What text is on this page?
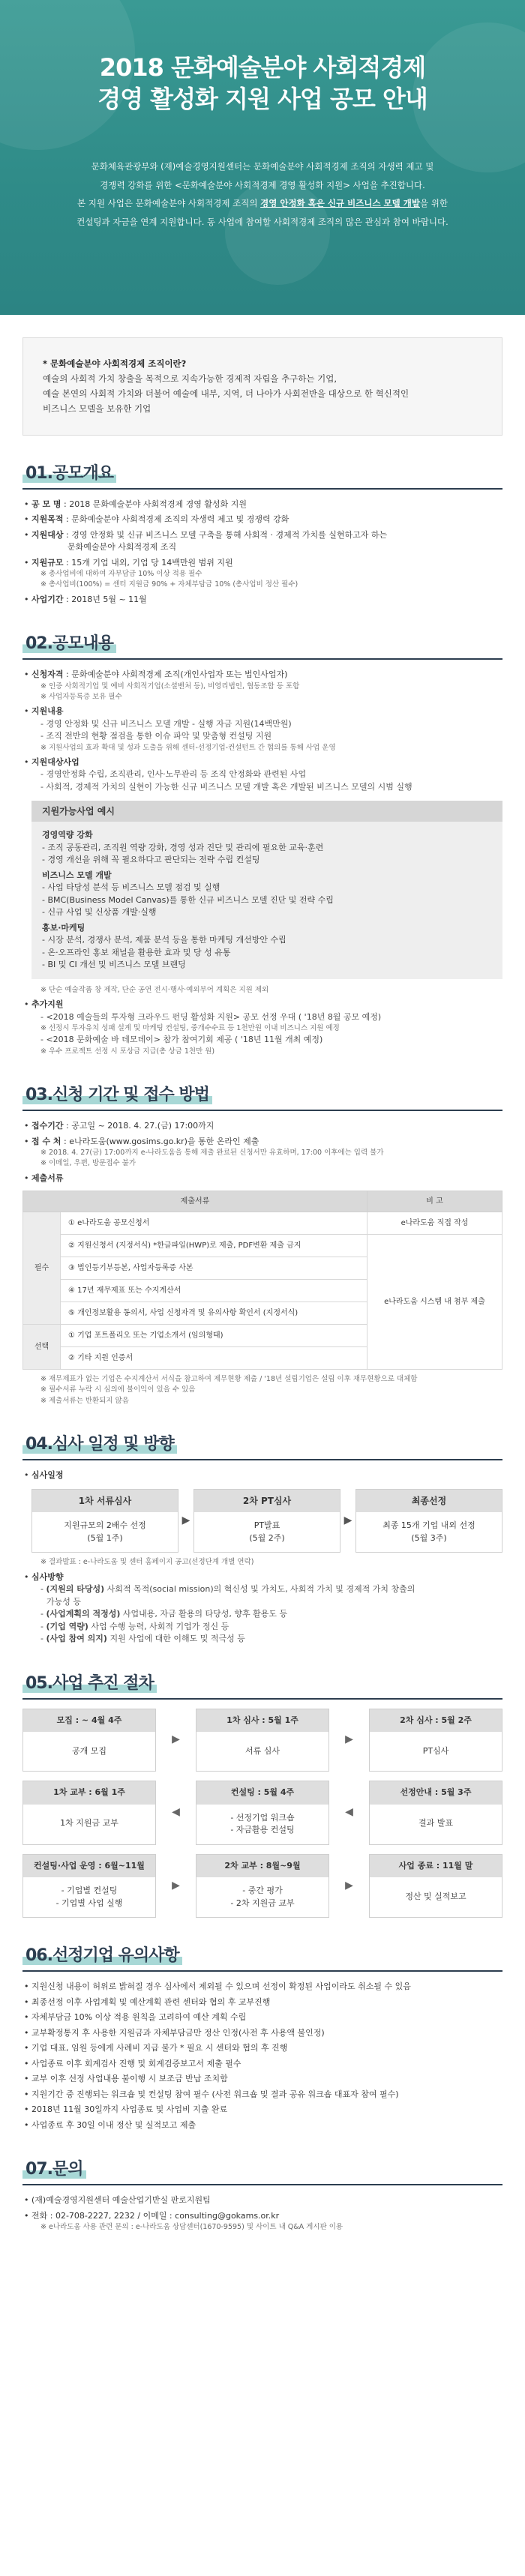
2018 문화예술분야 사회적경제
경영 활성화 지원 사업 공모 안내

문화체육관광부와 (재)예술경영지원센터는 문화예술분야 사회적경제 조직의 자생력 제고 및

경쟁력 강화를 위한 <문화예술분야 사회적경제 경영 활성화 지원> 사업을 추진합니다.

본 지원 사업은 문화예술분야 사회적경제 조직의 경영 안정화 혹은 신규 비즈니스 모델 개발을 위한

컨설팅과 자금을 연계 지원합니다. 동 사업에 참여할 사회적경제 조직의 많은 관심과 참여 바랍니다.

* 문화예술분야 사회적경제 조직이란?
예술의 사회적 가치 창출을 목적으로 지속가능한 경제적 자립을 추구하는 기업,
예술 본연의 사회적 가치와 더불어 예술에 내부, 지역, 더 나아가 사회전반을 대상으로 한 혁신적인
비즈니스 모델을 보유한 기업
01.공모개요
• 공 모 명 : 2018 문화예술분야 사회적경제 경영 활성화 지원
• 지원목적 : 문화예술분야 사회적경제 조직의 자생력 제고 및 경쟁력 강화
• 지원대상 : 경영 안정화 및 신규 비즈니스 모델 구축을 통해 사회적 · 경제적 가치를 실현하고자 하는
문화예술분야 사회적경제 조직
• 지원규모 : 15개 기업 내외, 기업 당 14백만원 범위 지원
※ 총사업비에 대하여 자부담금 10% 이상 적용 필수
※ 총사업비(100%) = 센터 지원금 90% + 자체부담금 10% (총사업비 정산 필수)
• 사업기간 : 2018년 5월 ~ 11월
02.공모내용
• 신청자격 : 문화예술분야 사회적경제 조직(개인사업자 또는 법인사업자)
※ 인증 사회적기업 및 예비 사회적기업(소셜벤처 등), 비영리법인, 협동조합 등 포함
※ 사업자등록증 보유 필수
• 지원내용
- 경영 안정화 및 신규 비즈니스 모델 개발 - 실행 자금 지원(14백만원)
- 조직 전반의 현황 점검을 통한 이슈 파악 및 맞춤형 컨설팅 지원
※ 지원사업의 효과 확대 및 성과 도출을 위해 센터-선정기업-컨설턴트 간 협의를 통해 사업 운영
• 지원대상사업
- 경영안정화 수립, 조직관리, 인사·노무관리 등 조직 안정화와 관련된 사업
- 사회적, 경제적 가치의 실현이 가능한 신규 비즈니스 모델 개발 혹은 개발된 비즈니스 모델의 시범 실행
지원가능사업 예시
경영역량 강화
- 조직 공동관리, 조직원 역량 강화, 경영 성과 진단 및 관리에 필요한 교육·훈련
- 경영 개선을 위해 꼭 필요하다고 판단되는 전략 수립 컨설팅
비즈니스 모델 개발
- 사업 타당성 분석 등 비즈니스 모델 점검 및 실행
- BMC(Business Model Canvas)를 통한 신규 비즈니스 모델 진단 및 전략 수립
- 신규 사업 및 신상품 개발·실행
홍보·마케팅
- 시장 분석, 경쟁사 분석, 제품 분석 등을 통한 마케팅 개선방안 수립
- 온·오프라인 홍보 채널을 활용한 효과 및 당 성 유통
- BI 및 CI 개선 및 비즈니스 모델 브랜딩
※ 단순 예술작품 창 제작, 단순 공연 전시·행사·예외부어 계획은 지원 제외
• 추가지원
- <2018 예술들의 투자형 크라우드 펀딩 활성화 지원> 공모 선정 우대 ( '18년 8월 공모 예정)
※ 선정시 투자유치 성패 설계 및 마케팅 컨설팅, 중개수수료 등 1천만원 이내 비즈니스 지원 예정
- <2018 문화예술 바 데모데이> 참가 참여기회 제공 ( '18년 11월 개최 예정)
※ 우수 프로젝트 선정 시 포상금 지급(총 상금 1천만 원)
03.신청 기간 및 접수 방법
• 접수기간 : 공고일 ~ 2018. 4. 27.(금) 17:00까지
• 접 수 처 : e나라도움(www.gosims.go.kr)을 통한 온라인 제출
※ 2018. 4. 27(금) 17:00까지 e-나라도움을 통해 제출 완료된 신청서만 유효하며, 17:00 이후에는 입력 불가
※ 이메일, 우편, 방문접수 불가
• 제출서류
제출서류		비 고
필수	① e나라도움 공모신청서	e나라도움 직접 작성
	② 지원신청서 (지정서식) *한글파일(HWP)로 제출, PDF변환 제출 금지	e나라도움 시스템 내 첨부 제출
	③ 법인등기부등본, 사업자등록증 사본	
	④ 17년 재무제표 또는 수지계산서	
	⑤ 개인정보활용 동의서, 사업 신청자격 및 유의사항 확인서 (지정서식)	
선택	① 기업 포트폴리오 또는 기업소개서 (임의형태)	
	② 기타 지원 인증서	
※ 재무제표가 없는 기업은 수지계산서 서식을 참고하여 제무현황 제출 / '18년 설립기업은 설립 이후 재무현황으로 대체함
※ 필수서류 누락 시 심의에 불이익이 있을 수 있음
※ 제출서류는 반환되지 않음
04.심사 일정 및 방향
• 심사일정
1차 서류심사
지원규모의 2배수 선정
(5월 1주)
▶
2차 PT심사
PT발표
(5월 2주)
▶
최종선정
최종 15개 기업 내외 선정
(5월 3주)
※ 결과발표 : e-나라도움 및 센터 홈페이지 공고(선정단계 개별 연락)
• 심사방향
- (지원의 타당성) 사회적 목적(social mission)의 혁신성 및 가치도, 사회적 가치 및 경제적 가치 창출의
가능성 등
- (사업계획의 적정성) 사업내용, 자금 활용의 타당성, 향후 활용도 등
- (기업 역량) 사업 수행 능력, 사회적 기업가 정신 등
- (사업 참여 의지) 지원 사업에 대한 이해도 및 적극성 등
05.사업 추진 절차
모집 : ~ 4월 4주
공개 모집
▶
1차 심사 : 5월 1주
서류 심사
▶
2차 심사 : 5월 2주
PT심사
1차 교부 : 6월 1주
1차 지원금 교부
◀
컨설팅 : 5월 4주
- 선정기업 워크숍
- 자금활용 컨설팅
◀
선정안내 : 5월 3주
결과 발표
컨설팅·사업 운영 : 6월~11월
- 기업별 컨설팅
- 기업별 사업 실행
▶
2차 교부 : 8월~9월
- 중간 평가
- 2차 지원금 교부
▶
사업 종료 : 11월 말
정산 및 실적보고
06.선정기업 유의사항
• 지원신청 내용이 허위로 밝혀질 경우 심사에서 제외될 수 있으며 선정이 확정된 사업이라도 취소될 수 있음
• 최종선정 이후 사업계획 및 예산계획 관련 센터와 협의 후 교부진행
• 자체부담금 10% 이상 적용 원칙을 고려하여 예산 계획 수립
• 교부확정통지 후 사용한 지원금과 자체부담금만 정산 인정(사전 후 사용액 불인정)
• 기업 대표, 임원 등에게 사례비 지급 불가 * 필요 시 센터와 협의 후 진행
• 사업종료 이후 회계검사 진행 및 회계검증보고서 제출 필수
• 교부 이후 선정 사업내용 불이행 시 보조금 반납 조치함
• 지원기간 중 진행되는 워크숍 및 컨설팅 참여 필수 (사전 워크숍 및 결과 공유 워크숍 대표자 참여 필수)
• 2018년 11월 30일까지 사업종료 및 사업비 지출 완료
• 사업종료 후 30일 이내 정산 및 실적보고 제출
07.문의
• (재)예술경영지원센터 예술산업기반실 판로지원팀
• 전화 : 02-708-2227, 2232 / 이메일 : consulting@gokams.or.kr
※ e나라도움 사용 관련 문의 : e-나라도움 상담센터(1670-9595) 및 사이트 내 Q&A 게시판 이용
